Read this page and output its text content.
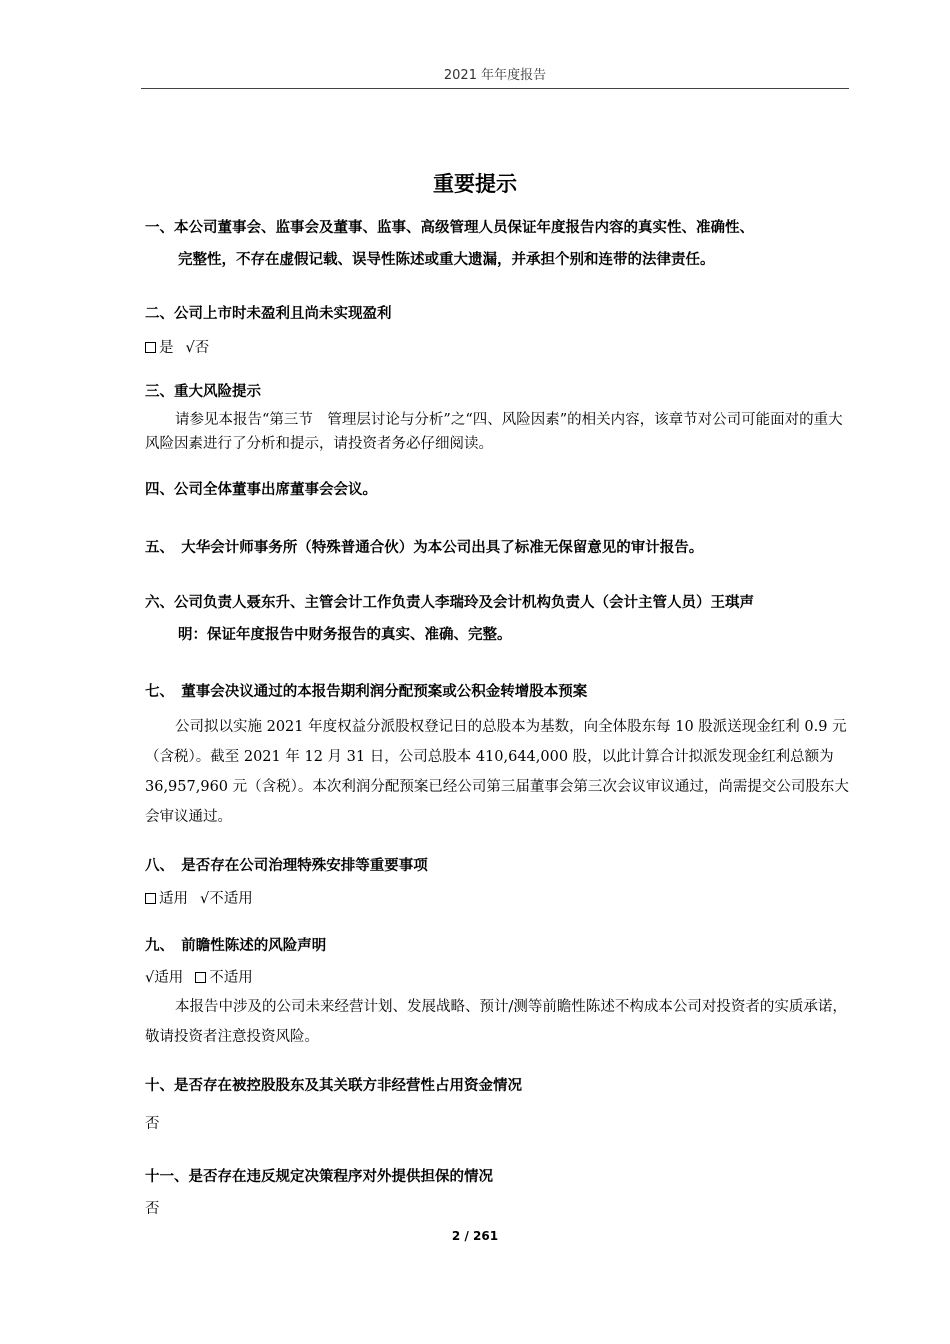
2021 年年度报告
重要提示
一、本公司董事会、监事会及董事、监事、高级管理人员保证年度报告内容的真实性、准确性、
完整性，不存在虚假记载、误导性陈述或重大遗漏，并承担个别和连带的法律责任。
二、公司上市时未盈利且尚未实现盈利
是 √否
三、重大风险提示
请参见本报告“第三节　管理层讨论与分析”之“四、风险因素”的相关内容，该章节对公司可能面对的重大风险因素进行了分析和提示，请投资者务必仔细阅读。
四、公司全体董事出席董事会会议。
五、　大华会计师事务所（特殊普通合伙）为本公司出具了标准无保留意见的审计报告。
六、公司负责人聂东升、主管会计工作负责人李瑞玲及会计机构负责人（会计主管人员）王琪声
明：保证年度报告中财务报告的真实、准确、完整。
七、　董事会决议通过的本报告期利润分配预案或公积金转增股本预案
公司拟以实施 2021 年度权益分派股权登记日的总股本为基数，向全体股东每 10 股派送现金红利 0.9 元（含税）。截至 2021 年 12 月 31 日，公司总股本 410,644,000 股，以此计算合计拟派发现金红利总额为 36,957,960 元（含税）。本次利润分配预案已经公司第三届董事会第三次会议审议通过，尚需提交公司股东大会审议通过。
八、　是否存在公司治理特殊安排等重要事项
适用 √不适用
九、　前瞻性陈述的风险声明
√适用 不适用
本报告中涉及的公司未来经营计划、发展战略、预计/测等前瞻性陈述不构成本公司对投资者的实质承诺，敬请投资者注意投资风险。
十、是否存在被控股股东及其关联方非经营性占用资金情况
否
十一、是否存在违反规定决策程序对外提供担保的情况
否
2 / 261
